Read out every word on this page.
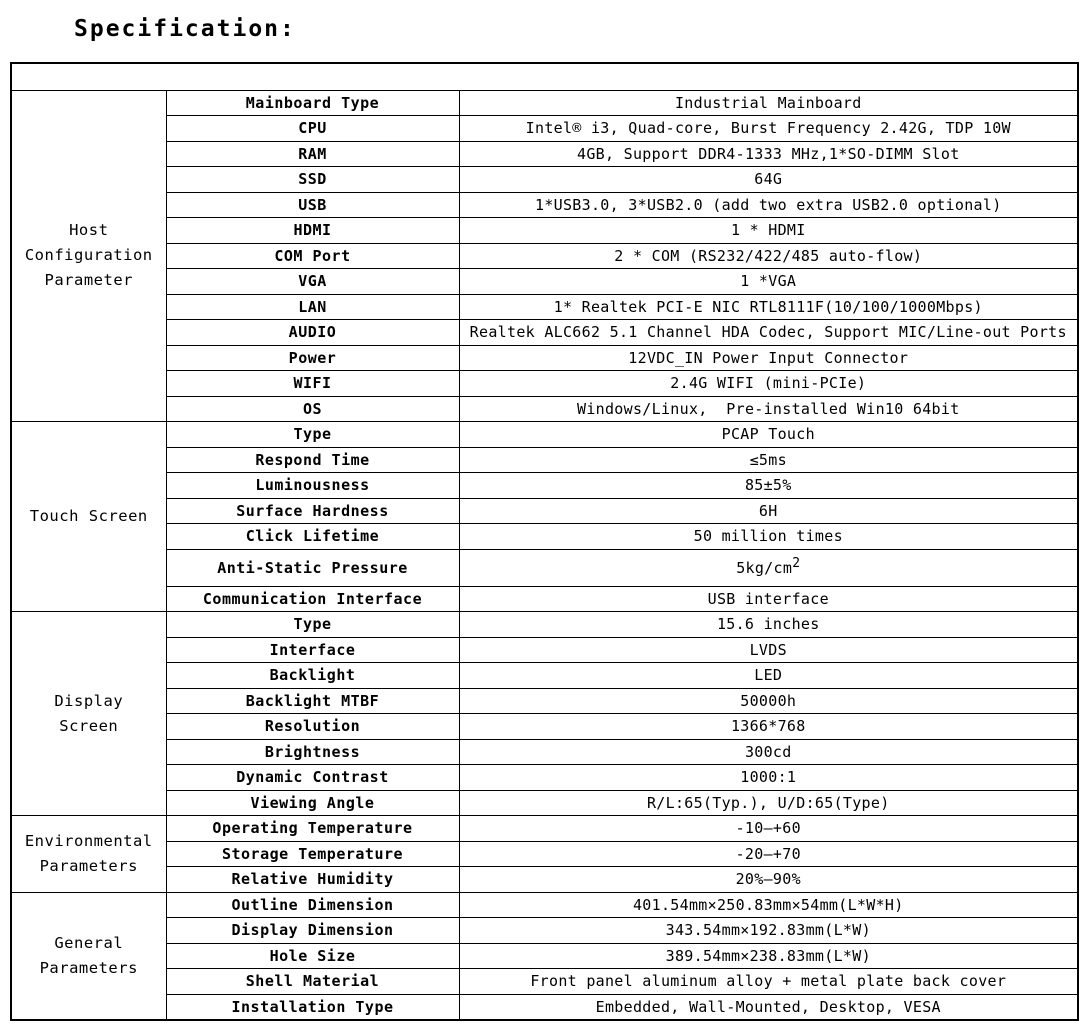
Specification:

Host
Configuration
Parameter	Mainboard Type	Industrial Mainboard
	CPU	Intel® i3, Quad-core, Burst Frequency 2.42G, TDP 10W
	RAM	4GB, Support DDR4-1333 MHz,1*SO-DIMM Slot
	SSD	64G
	USB	1*USB3.0, 3*USB2.0 (add two extra USB2.0 optional)
	HDMI	1 * HDMI
	COM Port	2 * COM (RS232/422/485 auto-flow)
	VGA	1 *VGA
	LAN	1* Realtek PCI-E NIC RTL8111F(10/100/1000Mbps)
	AUDIO	Realtek ALC662 5.1 Channel HDA Codec, Support MIC/Line-out Ports
	Power	12VDC_IN Power Input Connector
	WIFI	2.4G WIFI (mini-PCIe)
	OS	Windows/Linux,  Pre-installed Win10 64bit

Touch Screen	Type	PCAP Touch
	Respond Time	≤5ms
	Luminousness	85±5%
	Surface Hardness	6H
	Click Lifetime	50 million times
	Anti-Static Pressure	$5kg/cm^2$
	Communication Interface	USB interface

Display
Screen	Type	15.6 inches
	Interface	LVDS
	Backlight	LED
	Backlight MTBF	50000h
	Resolution	1366*768
	Brightness	300cd
	Dynamic Contrast	1000:1
	Viewing Angle	R/L:65(Typ.), U/D:65(Type)

Environmental
Parameters	Operating Temperature	-10—+60
	Storage Temperature	-20—+70
	Relative Humidity	20%—90%

General
Parameters	Outline Dimension	401.54mm×250.83mm×54mm(L*W*H)
	Display Dimension	343.54mm×192.83mm(L*W)
	Hole Size	389.54mm×238.83mm(L*W)
	Shell Material	Front panel aluminum alloy + metal plate back cover
	Installation Type	Embedded, Wall-Mounted, Desktop, VESA
